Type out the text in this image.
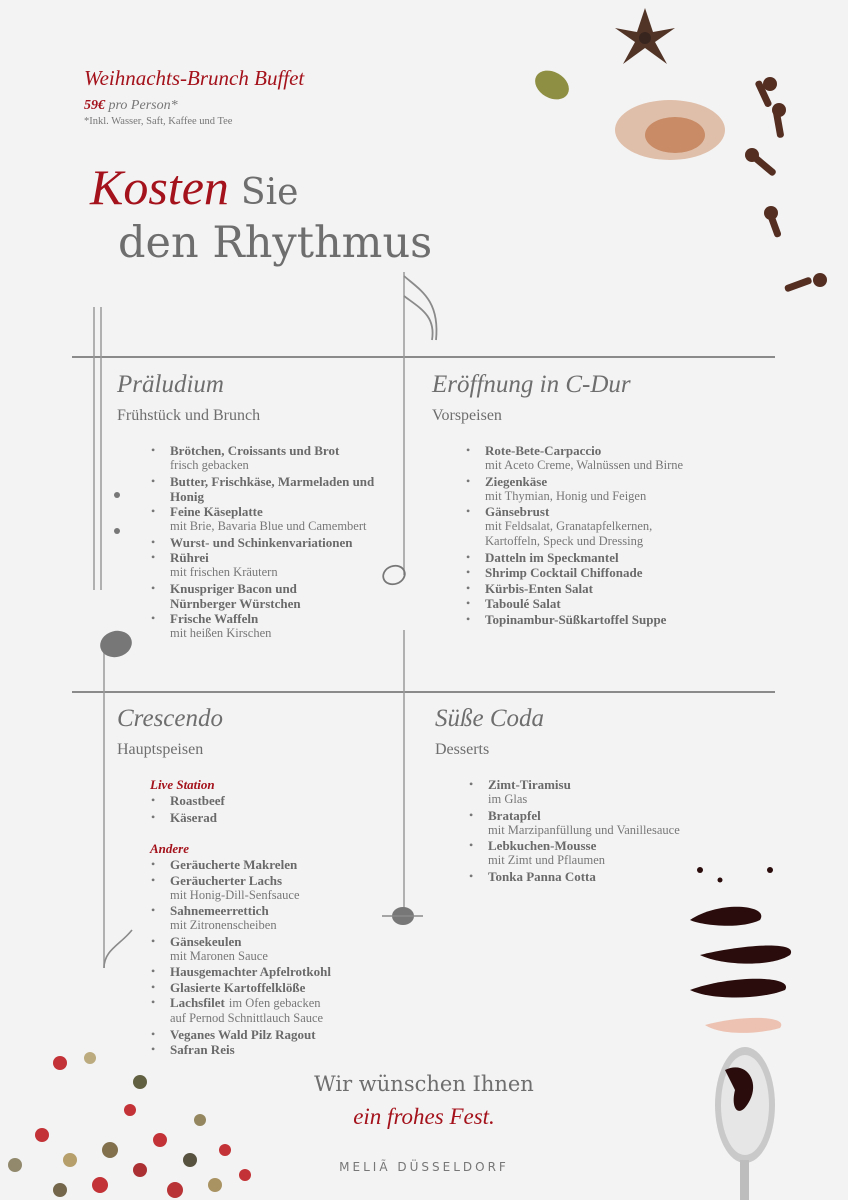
Weihnachts-Brunch Buffet
59€ pro Person*
*Inkl. Wasser, Saft, Kaffee und Tee
Kosten Sie
den Rhythmus
Präludium
Frühstück und Brunch
• Brötchen, Croissants und Brot
frisch gebacken
• Butter, Frischkäse, Marmeladen und Honig
• Feine Käseplatte
mit Brie, Bavaria Blue und Camembert
• Wurst- und Schinkenvariationen
• Rührei
mit frischen Kräutern
• Knuspriger Bacon und Nürnberger Würstchen
• Frische Waffeln
mit heißen Kirschen
Eröffnung in C-Dur
Vorspeisen
• Rote-Bete-Carpaccio
mit Aceto Creme, Walnüssen und Birne
• Ziegenkäse
mit Thymian, Honig und Feigen
• Gänsebrust
mit Feldsalat, Granatapfelkernen, Kartoffeln, Speck und Dressing
• Datteln im Speckmantel
• Shrimp Cocktail Chiffonade
• Kürbis-Enten Salat
• Taboulé Salat
• Topinambur-Süßkartoffel Suppe
Crescendo
Hauptspeisen
Live Station
• Roastbeef
• Käserad
Andere
• Geräucherte Makrelen
• Geräucherter Lachs
mit Honig-Dill-Senfsauce
• Sahnemeerrettich
mit Zitronenscheiben
• Gänsekeulen
mit Maronen Sauce
• Hausgemachter Apfelrotkohl
• Glasierte Kartoffelklöße
• Lachsfilet im Ofen gebacken
auf Pernod Schnittlauch Sauce
• Veganes Wald Pilz Ragout
• Safran Reis
Süße Coda
Desserts
• Zimt-Tiramisu
im Glas
• Bratapfel
mit Marzipanfüllung und Vanillesauce
• Lebkuchen-Mousse
mit Zimt und Pflaumen
• Tonka Panna Cotta
Wir wünschen Ihnen
ein frohes Fest.
MELIÃ DÜSSELDORF
